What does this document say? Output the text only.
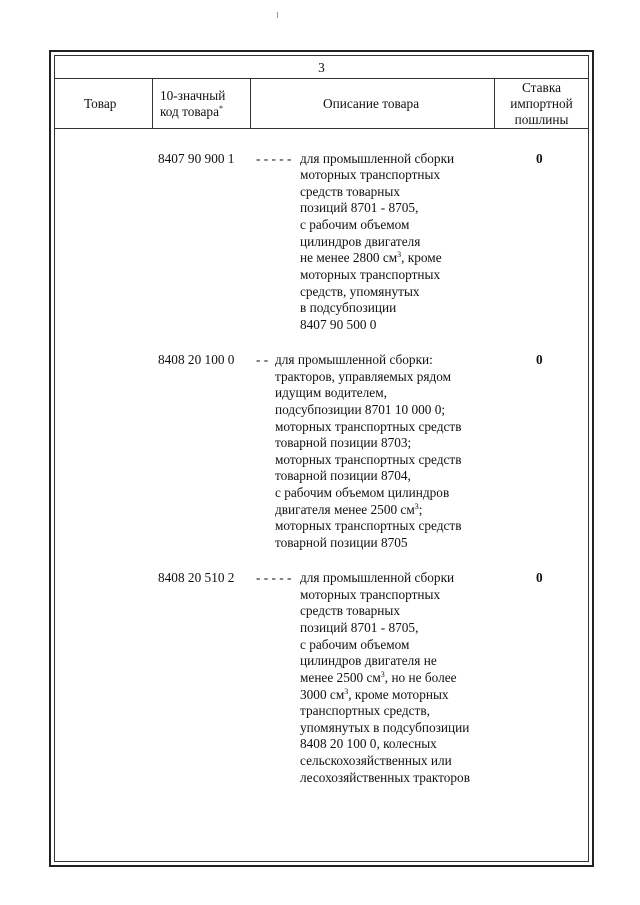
3
Товар
10-значный
код товара*	Описание товара
Ставка
импортной
пошлины
8407 90 900 1 - - - - - для промышленной сборки
моторных транспортных
средств товарных
позиций 8701 - 8705,
с рабочим объемом
цилиндров двигателя
не менее 2800 $см^3$, кроме
моторных транспортных
средств, упомянутых
в подсубпозиции
8407 90 500 0
0
8408 20 100 0 - - для промышленной сборки:
тракторов, управляемых рядом
идущим водителем,
подсубпозиции 8701 10 000 0;
моторных транспортных средств
товарной позиции 8703;
моторных транспортных средств
товарной позиции 8704,
с рабочим объемом цилиндров
двигателя менее 2500 $см^3$;
моторных транспортных средств
товарной позиции 8705
0
8408 20 510 2 - - - - - для промышленной сборки
моторных транспортных
средств товарных
позиций 8701 - 8705,
с рабочим объемом
цилиндров двигателя не
менее 2500 $см^3$, но не более
3000 $см^3$, кроме моторных
транспортных средств,
упомянутых в подсубпозиции
8408 20 100 0, колесных
сельскохозяйственных или
лесохозяйственных тракторов
0
